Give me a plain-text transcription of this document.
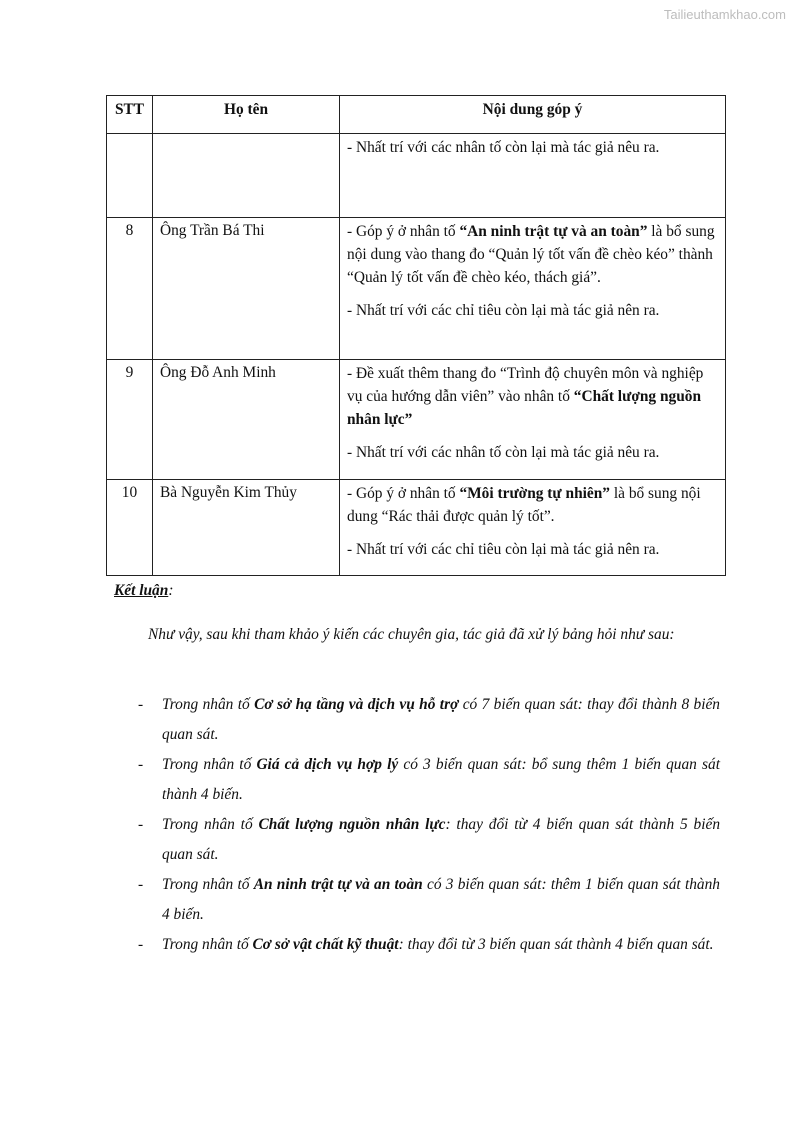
Tailieuthamkhao.com
STT	Họ tên	Nội dung góp ý

		- Nhất trí với các nhân tố còn lại mà tác giả nêu ra.

8	Ông Trần Bá Thi	- Góp ý ở nhân tố “An ninh trật tự và an toàn” là bổ sung nội dung vào thang đo “Quản lý tốt vấn đề chèo kéo” thành “Quản lý tốt vấn đề chèo kéo, thách giá”.

- Nhất trí với các chỉ tiêu còn lại mà tác giả nên ra.

9	Ông Đỗ Anh Minh	- Đề xuất thêm thang đo “Trình độ chuyên môn và nghiệp vụ của hướng dẫn viên” vào nhân tố “Chất lượng nguồn nhân lực”

- Nhất trí với các nhân tố còn lại mà tác giả nêu ra.

10	Bà Nguyễn Kim Thủy	- Góp ý ở nhân tố “Môi trường tự nhiên” là bổ sung nội dung “Rác thải được quản lý tốt”.

- Nhất trí với các chỉ tiêu còn lại mà tác giả nên ra.

Kết luận:
Như vậy, sau khi tham khảo ý kiến các chuyên gia, tác giả đã xử lý bảng hỏi như sau:
- Trong nhân tố Cơ sở hạ tầng và dịch vụ hỗ trợ có 7 biến quan sát: thay đổi thành 8 biến quan sát.
- Trong nhân tố Giá cả dịch vụ hợp lý có 3 biến quan sát: bổ sung thêm 1 biến quan sát thành 4 biến.
- Trong nhân tố Chất lượng nguồn nhân lực: thay đổi từ 4 biến quan sát thành 5 biến quan sát.
- Trong nhân tố An ninh trật tự và an toàn có 3 biến quan sát: thêm 1 biến quan sát thành 4 biến.
- Trong nhân tố Cơ sở vật chất kỹ thuật: thay đổi từ 3 biến quan sát thành 4 biến quan sát.
